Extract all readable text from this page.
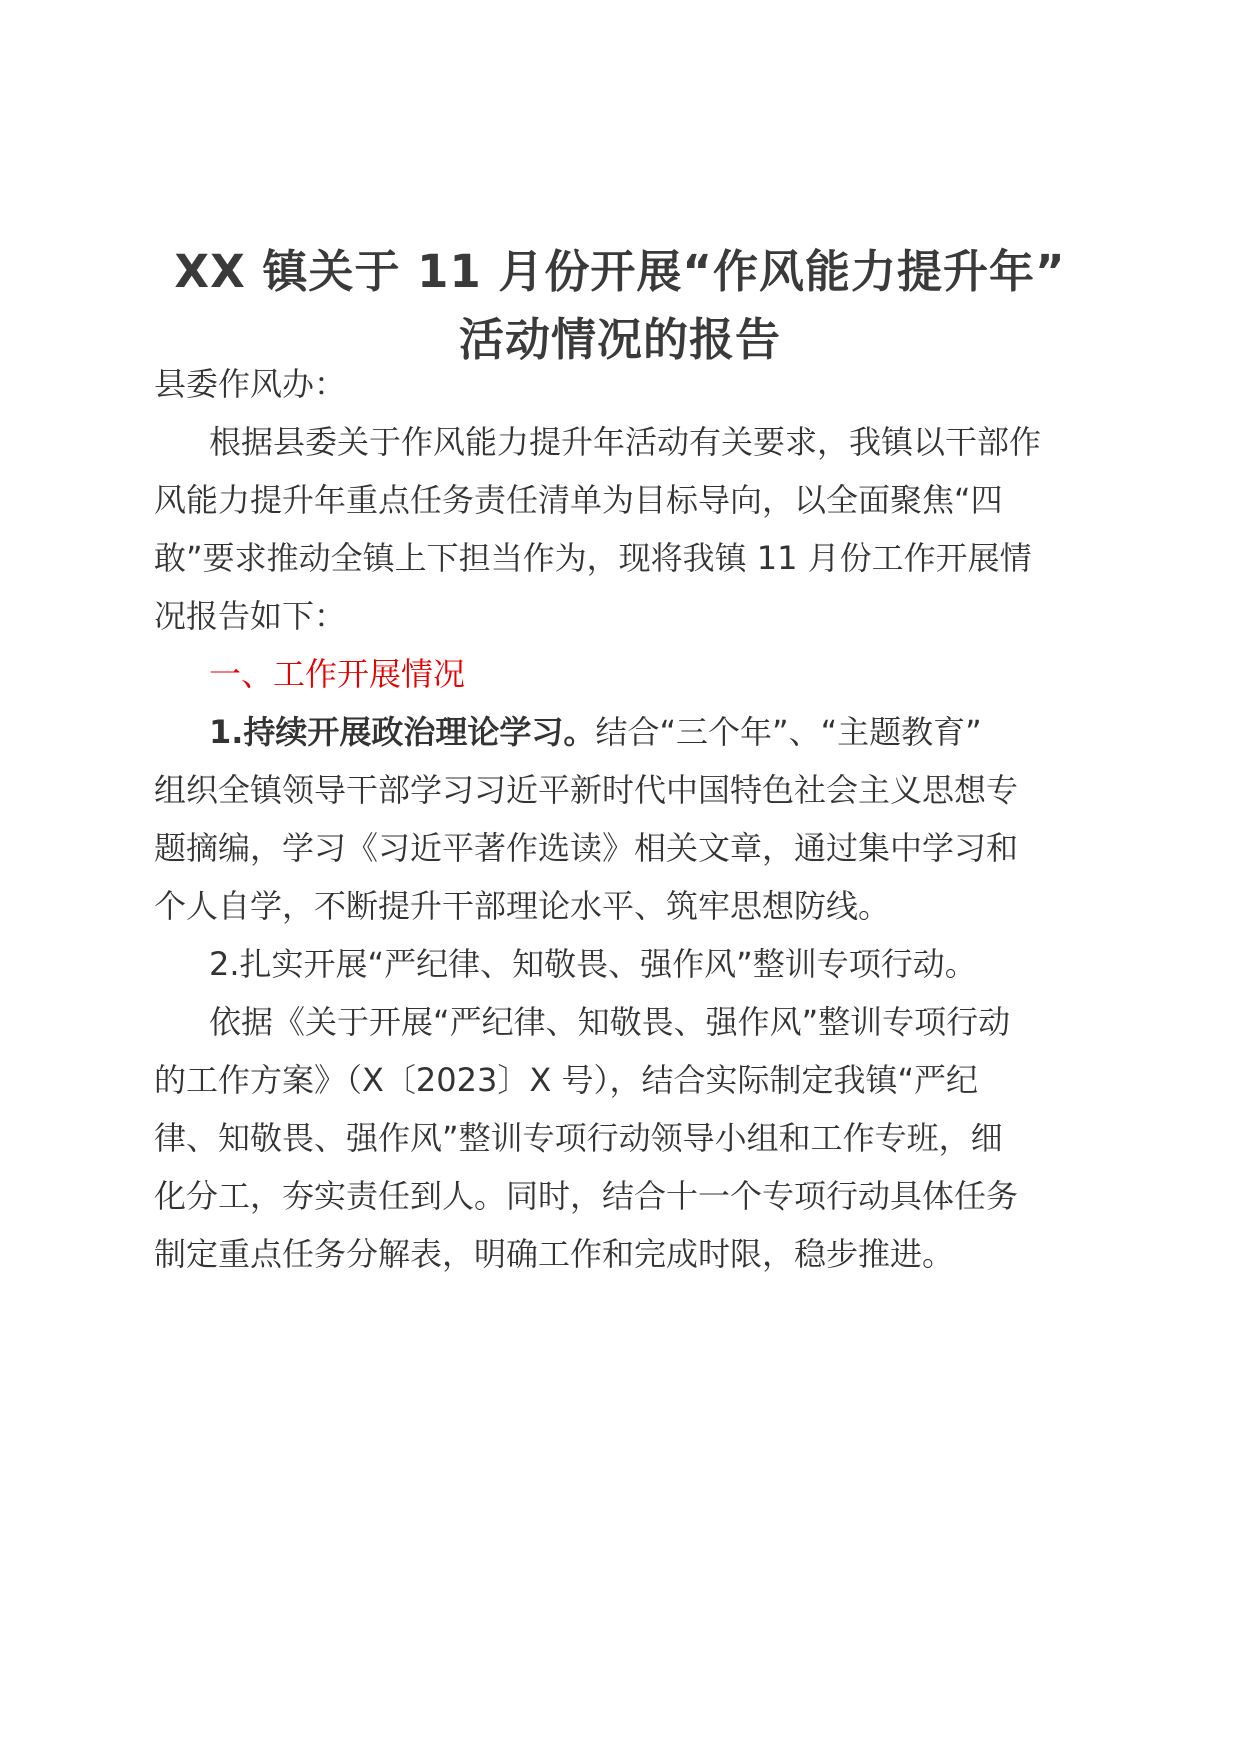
XX 镇关于 11 月份开展“作风能力提升年”
活动情况的报告
县委作风办：
根据县委关于作风能力提升年活动有关要求，我镇以干部作
风能力提升年重点任务责任清单为目标导向，以全面聚焦“四
敢”要求推动全镇上下担当作为，现将我镇 11 月份工作开展情
况报告如下：
一、工作开展情况
1.持续开展政治理论学习。结合“三个年”、“主题教育”
组织全镇领导干部学习习近平新时代中国特色社会主义思想专
题摘编，学习《习近平著作选读》相关文章，通过集中学习和
个人自学，不断提升干部理论水平、筑牢思想防线。
2.扎实开展“严纪律、知敬畏、强作风”整训专项行动。
依据《关于开展“严纪律、知敬畏、强作风”整训专项行动
的工作方案》（X〔2023〕X 号），结合实际制定我镇“严纪
律、知敬畏、强作风”整训专项行动领导小组和工作专班，细
化分工，夯实责任到人。同时，结合十一个专项行动具体任务
制定重点任务分解表，明确工作和完成时限，稳步推进。
